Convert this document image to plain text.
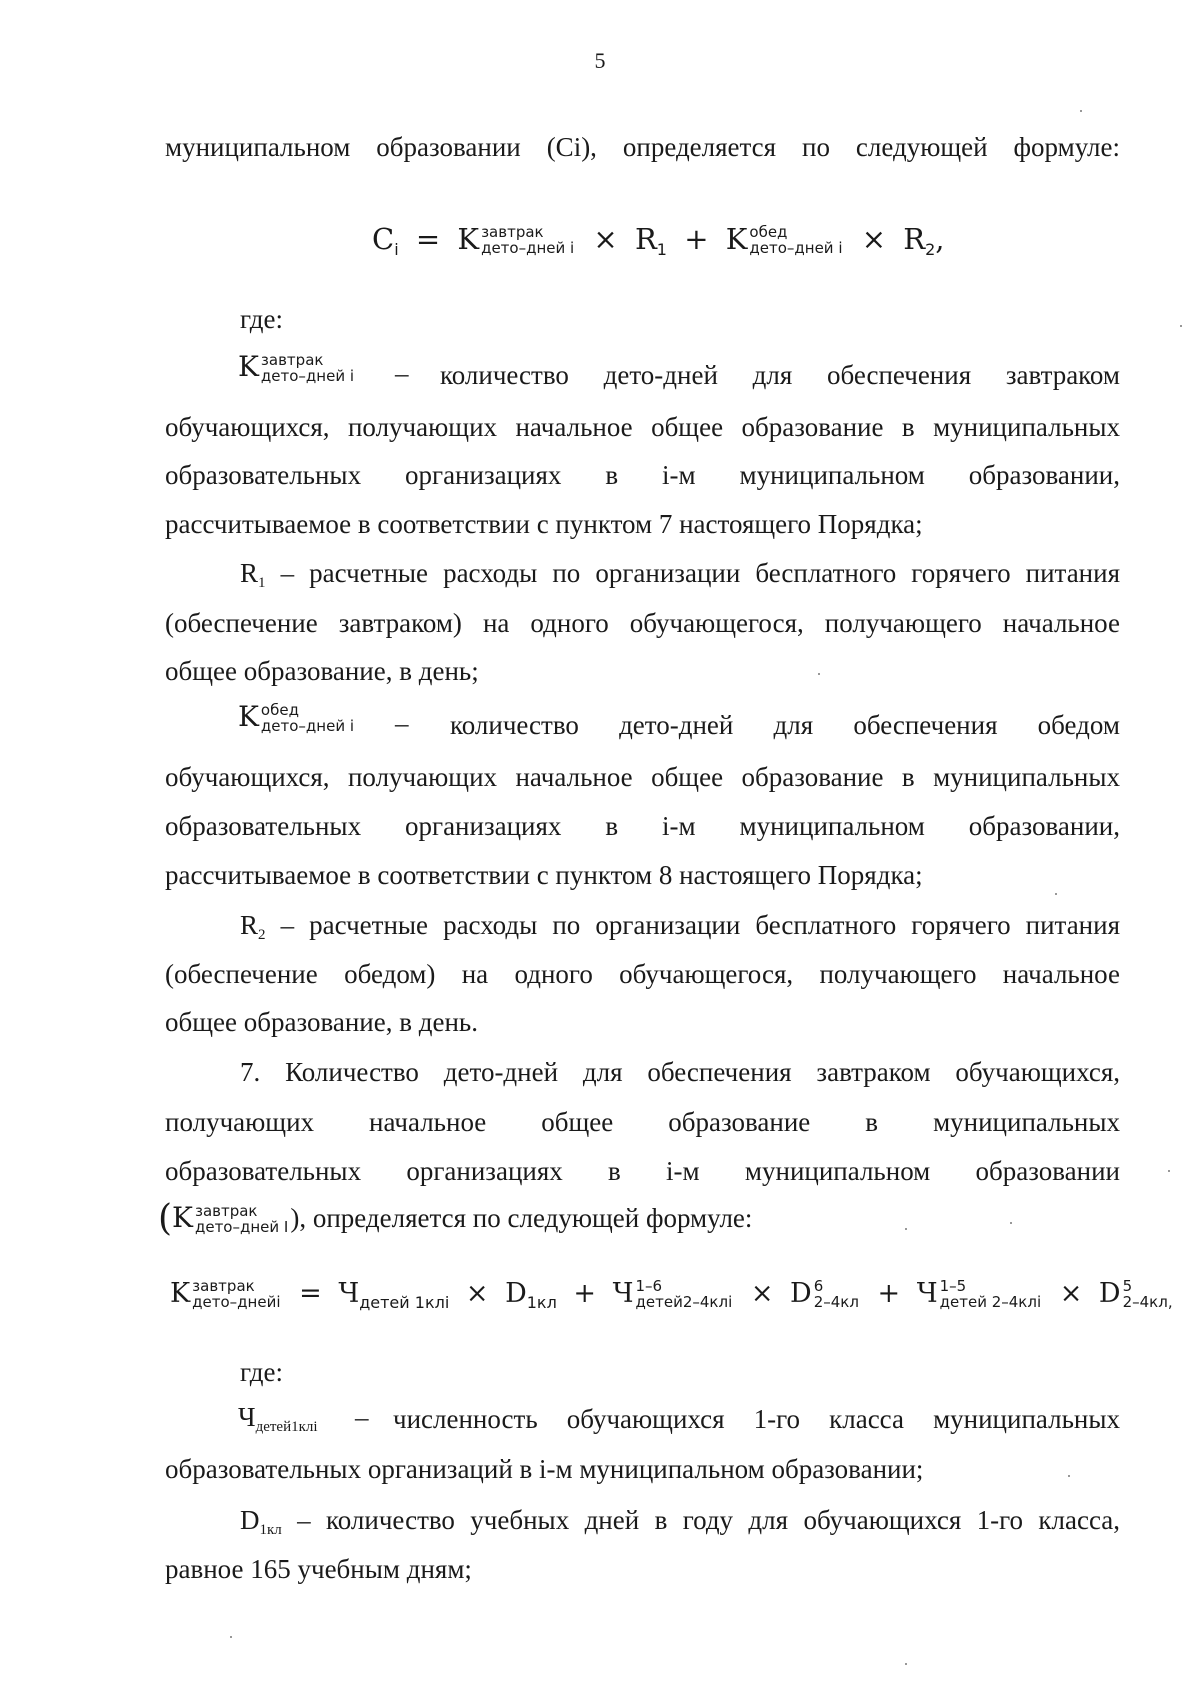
5
муниципальном образовании (Сi), определяется по следующей формуле:
$C_i = K$ завтрак
дето–дней $i \times R_1 + K$ обед
дето–дней $i \times R_2$,
где:
K завтрак
дето–дней i – количество дето-дней для обеспечения завтраком
обучающихся, получающих начальное общее образование в муниципальных
образовательных организациях в i-м муниципальном образовании,
рассчитываемое в соответствии с пунктом 7 настоящего Порядка;
R1 – расчетные расходы по организации бесплатного горячего питания
(обеспечение завтраком) на одного обучающегося, получающего начальное
общее образование, в день;
K обед
дето–дней i – количество дето-дней для обеспечения обедом
обучающихся, получающих начальное общее образование в муниципальных
образовательных организациях в i-м муниципальном образовании,
рассчитываемое в соответствии с пунктом 8 настоящего Порядка;
R2 – расчетные расходы по организации бесплатного горячего питания
(обеспечение обедом) на одного обучающегося, получающего начальное
общее образование, в день.
7. Количество дето-дней для обеспечения завтраком обучающихся,
получающих начальное общее образование в муниципальных
образовательных организациях в i-м муниципальном образовании
(K завтрак
дето–дней I ), определяется по следующей формуле:
K завтрак
дето–днейi = $Ч_{детей 1клi} \times D_{1кл} + Ч$ 1–6
детей2–4клi × D 6
2–4кл + Ч 1–5
детей 2–4клi × D 5
2–4кл,
где:
Чдетей1клi – численность обучающихся 1-го класса муниципальных
образовательных организаций в i-м муниципальном образовании;
D1кл – количество учебных дней в году для обучающихся 1-го класса,
равное 165 учебным дням;
